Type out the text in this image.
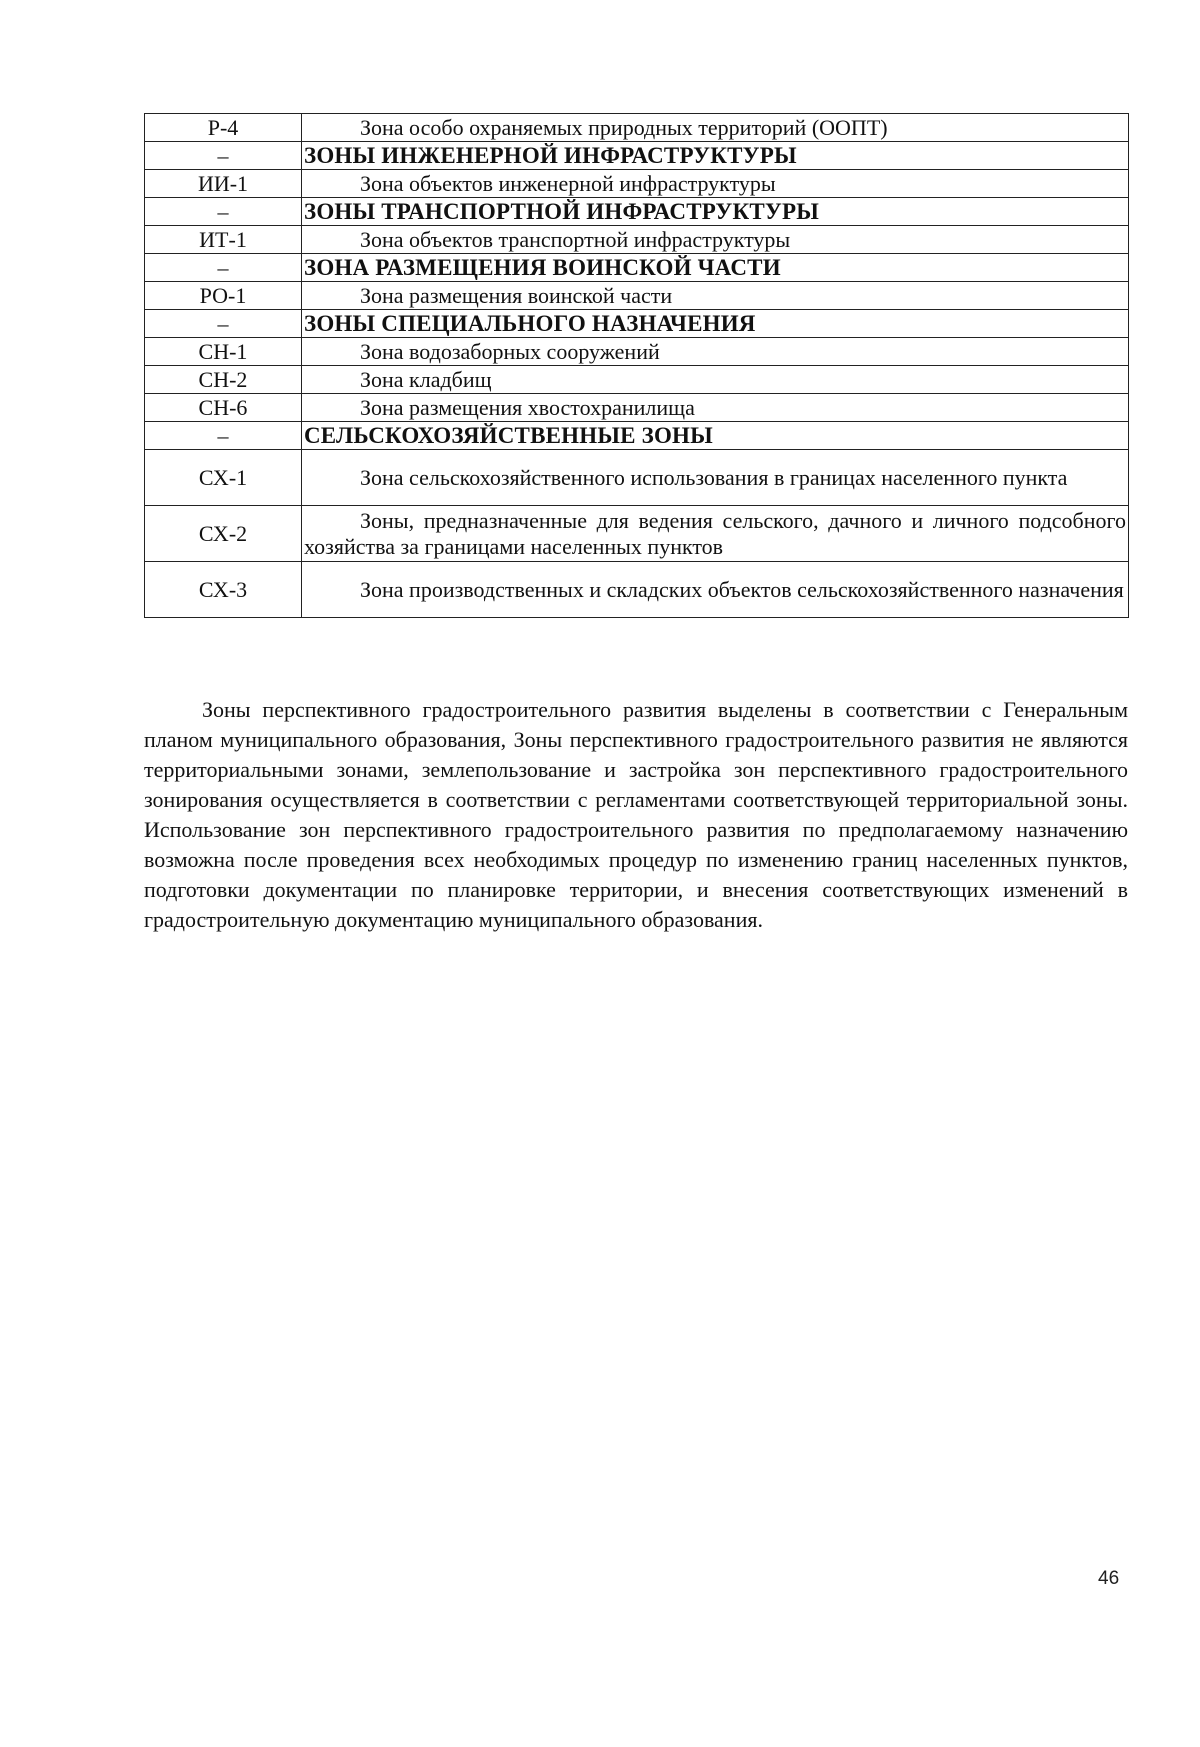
Р-4	Зона особо охраняемых природных территорий (ООПТ)
–	ЗОНЫ ИНЖЕНЕРНОЙ ИНФРАСТРУКТУРЫ
ИИ-1	Зона объектов инженерной инфраструктуры
–	ЗОНЫ ТРАНСПОРТНОЙ ИНФРАСТРУКТУРЫ
ИТ-1	Зона объектов транспортной инфраструктуры
–	ЗОНА РАЗМЕЩЕНИЯ ВОИНСКОЙ ЧАСТИ
РО-1	Зона размещения воинской части
–	ЗОНЫ СПЕЦИАЛЬНОГО НАЗНАЧЕНИЯ
СН-1	Зона водозаборных сооружений
СН-2	Зона кладбищ
СН-6	Зона размещения хвостохранилища
–	СЕЛЬСКОХОЗЯЙСТВЕННЫЕ ЗОНЫ
СХ-1	Зона сельскохозяйственного использования в границах населенного пункта
СХ-2	Зоны, предназначенные для ведения сельского, дачного и личного подсобного хозяйства за границами населенных пунктов
СХ-3	Зона производственных и складских объектов сельскохозяйственного назначения

Зоны перспективного градостроительного развития выделены в соответствии с Генеральным планом муниципального образования, Зоны перспективного градостроительного развития не являются территориальными зонами, землепользование и застройка зон перспективного градостроительного зонирования осуществляется в соответствии с регламентами соответствующей территориальной зоны. Использование зон перспективного градостроительного развития по предполагаемому назначению возможна после проведения всех необходимых процедур по изменению границ населенных пунктов, подготовки документации по планировке территории, и внесения соответствующих изменений в градостроительную документацию муниципального образования.

46
